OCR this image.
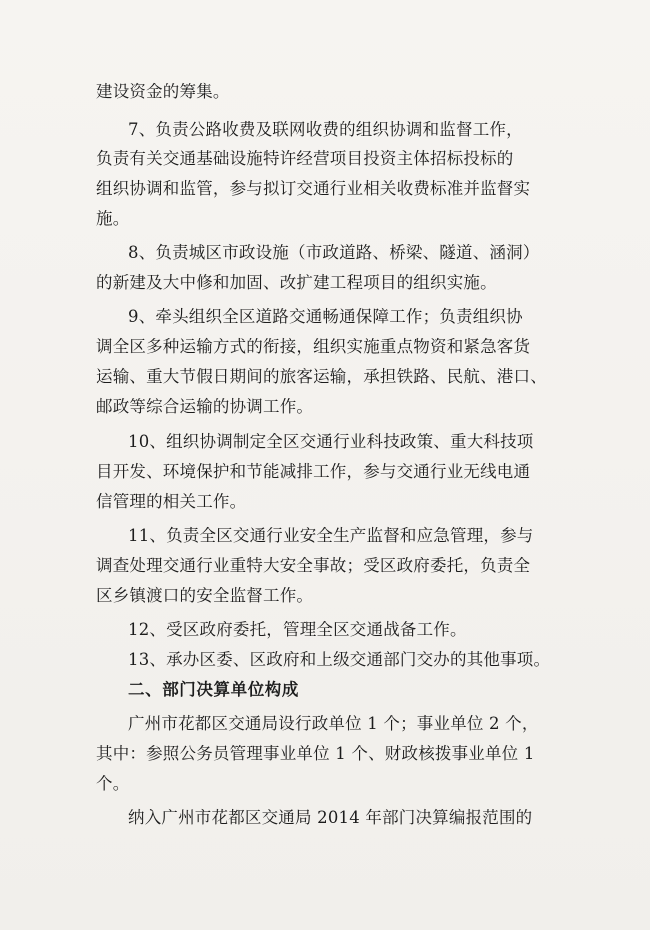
建设资金的筹集。
7、负责公路收费及联网收费的组织协调和监督工作，
负责有关交通基础设施特许经营项目投资主体招标投标的
组织协调和监管，参与拟订交通行业相关收费标准并监督实
施。
8、负责城区市政设施（市政道路、桥梁、隧道、涵洞）
的新建及大中修和加固、改扩建工程项目的组织实施。
9、牵头组织全区道路交通畅通保障工作；负责组织协
调全区多种运输方式的衔接，组织实施重点物资和紧急客货
运输、重大节假日期间的旅客运输，承担铁路、民航、港口、
邮政等综合运输的协调工作。
10、组织协调制定全区交通行业科技政策、重大科技项
目开发、环境保护和节能减排工作，参与交通行业无线电通
信管理的相关工作。
11、负责全区交通行业安全生产监督和应急管理，参与
调查处理交通行业重特大安全事故；受区政府委托，负责全
区乡镇渡口的安全监督工作。
12、受区政府委托，管理全区交通战备工作。
13、承办区委、区政府和上级交通部门交办的其他事项。
二、部门决算单位构成
广州市花都区交通局设行政单位 1 个；事业单位 2 个，
其中：参照公务员管理事业单位 1 个、财政核拨事业单位 1
个。
纳入广州市花都区交通局 2014 年部门决算编报范围的
